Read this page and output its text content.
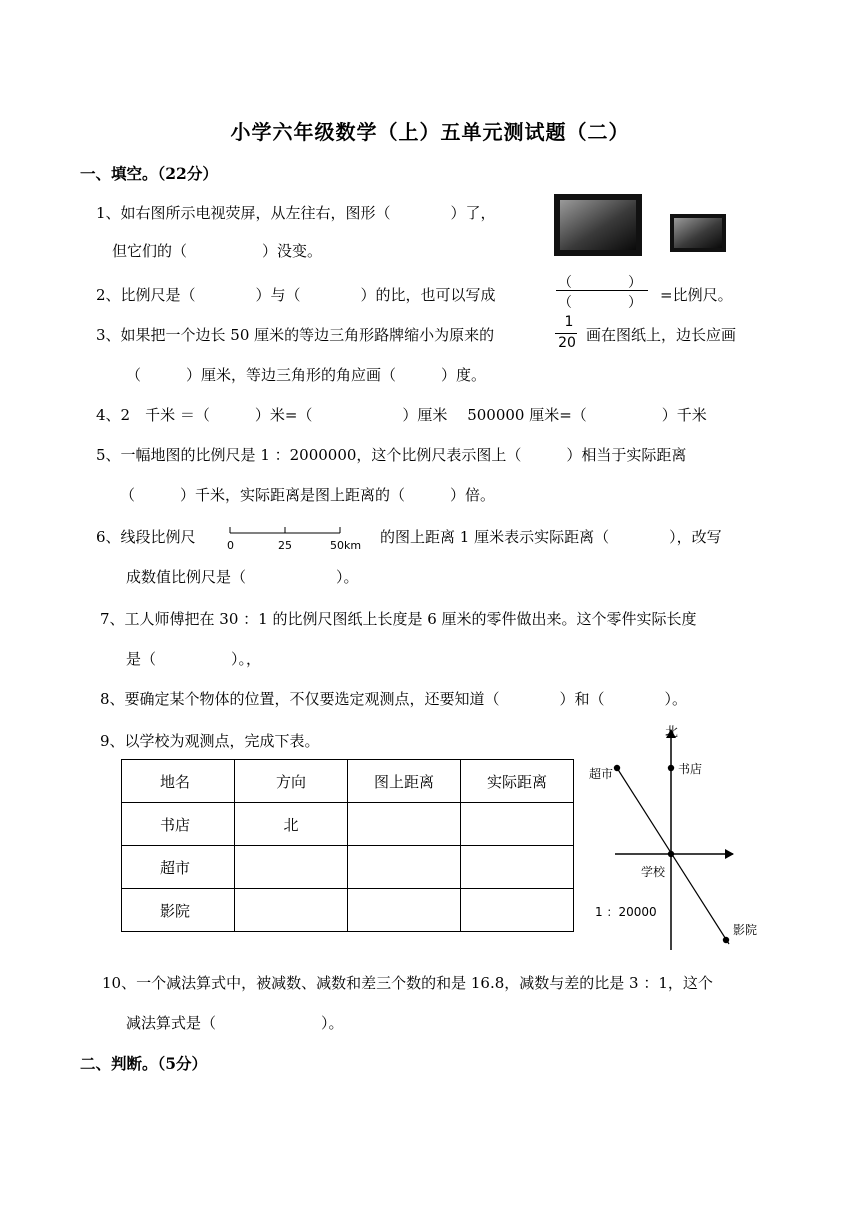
小学六年级数学（上）五单元测试题（二）
一、填空。（22分）
1、如右图所示电视荧屏，从左往右，图形（　　　　）了，
但它们的（　　　　　）没变。
2、比例尺是（　　　　）与（　　　　）的比，也可以写成
（　　　　）
（　　　　）	=比例尺。
3、如果把一个边长 50 厘米的等边三角形路牌缩小为原来的
1
20 画在图纸上，边长应画
（　　　）厘米，等边三角形的角应画（　　　）度。
4、2　千米 ＝（　　　）米=（　　　　　　）厘米　 500000 厘米=（　　　　　）千米
5、一幅地图的比例尺是 1 ：2000000，这个比例尺表示图上（　　　）相当于实际距离
（　　　）千米，实际距离是图上距离的（　　　）倍。
6、线段比例尺	0	25	50km 的图上距离 1 厘米表示实际距离（　　　　），改写
成数值比例尺是（　　　　　　）。
7、工人师傅把在 30 ：1 的比例尺图纸上长度是 6 厘米的零件做出来。这个零件实际长度
是（　　　　　）。，
8、要确定某个物体的位置，不仅要选定观测点，还要知道（　　　　）和（　　　　）。
9、以学校为观测点，完成下表。
地名	方向	图上距离	实际距离
书店	北		
超市			
影院			
北
书店
超市
学校
影院
1 ：20000
10、一个减法算式中，被减数、减数和差三个数的和是 16.8，减数与差的比是 3 ：1，这个
减法算式是（　　　　　　　）。
二、判断。（5分）
